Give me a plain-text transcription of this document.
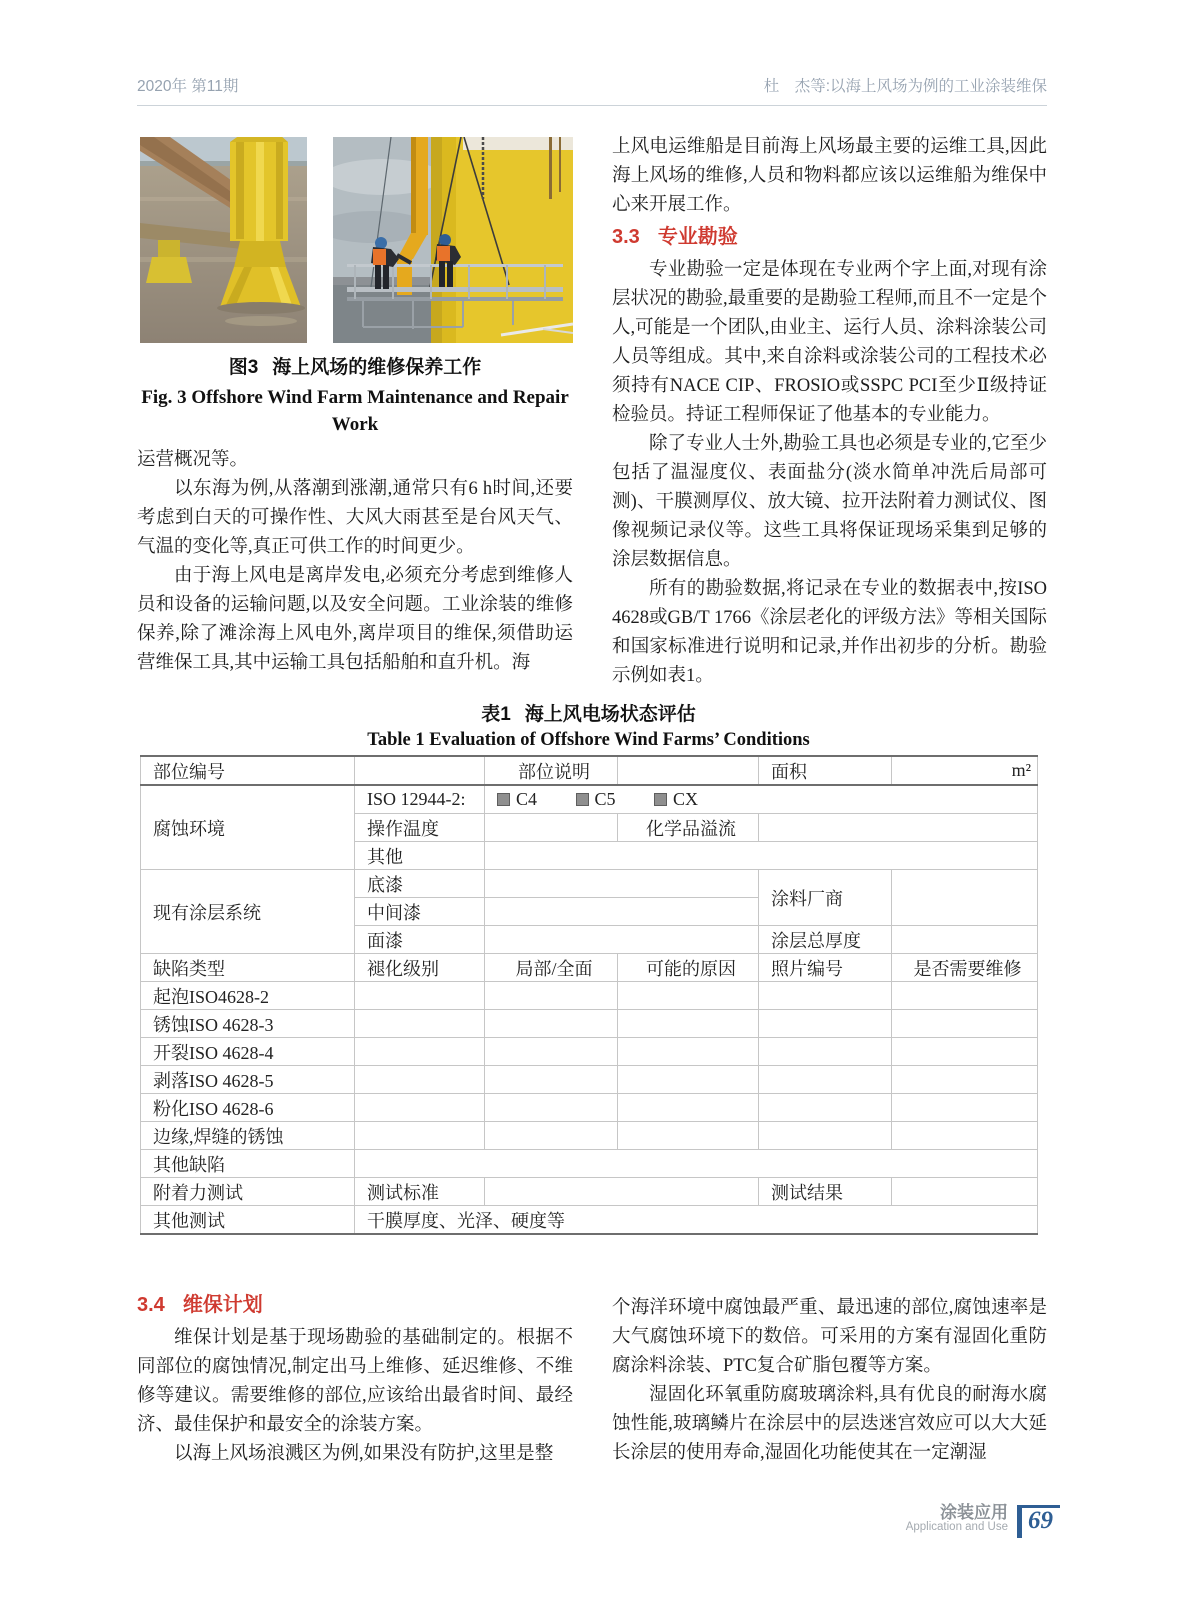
2020年 第11期	杜　杰等:以海上风场为例的工业涂装维保
图3 海上风场的维修保养工作
Fig. 3 Offshore Wind Farm Maintenance and Repair Work

运营概况等。

以东海为例,从落潮到涨潮,通常只有6 h时间,还要考虑到白天的可操作性、大风大雨甚至是台风天气、气温的变化等,真正可供工作的时间更少。

由于海上风电是离岸发电,必须充分考虑到维修人员和设备的运输问题,以及安全问题。工业涂装的维修保养,除了滩涂海上风电外,离岸项目的维保,须借助运营维保工具,其中运输工具包括船舶和直升机。海

上风电运维船是目前海上风场最主要的运维工具,因此海上风场的维修,人员和物料都应该以运维船为维保中心来开展工作。

3.3 专业勘验

专业勘验一定是体现在专业两个字上面,对现有涂层状况的勘验,最重要的是勘验工程师,而且不一定是个人,可能是一个团队,由业主、运行人员、涂料涂装公司人员等组成。其中,来自涂料或涂装公司的工程技术必须持有NACE CIP、FROSIO或SSPC PCI至少Ⅱ级持证检验员。持证工程师保证了他基本的专业能力。

除了专业人士外,勘验工具也必须是专业的,它至少包括了温湿度仪、表面盐分(淡水简单冲洗后局部可测)、干膜测厚仪、放大镜、拉开法附着力测试仪、图像视频记录仪等。这些工具将保证现场采集到足够的涂层数据信息。

所有的勘验数据,将记录在专业的数据表中,按ISO 4628或GB/T 1766《涂层老化的评级方法》等相关国际和国家标准进行说明和记录,并作出初步的分析。勘验示例如表1。

表1 海上风电场状态评估
Table 1 Evaluation of Offshore Wind Farms’ Conditions
部位编号		部位说明		面积	m²
腐蚀环境	ISO 12944-2:	C4 C5 CX			
	操作温度		化学品溢流		
	其他				
现有涂层系统	底漆			涂料厂商	
	中间漆				
	面漆			涂层总厚度	
缺陷类型	褪化级别	局部/全面	可能的原因	照片编号	是否需要维修
起泡ISO4628-2					
锈蚀ISO 4628-3					
开裂ISO 4628-4					
剥落ISO 4628-5					
粉化ISO 4628-6					
边缘,焊缝的锈蚀					
其他缺陷					
附着力测试	测试标准			测试结果	
其他测试	干膜厚度、光泽、硬度等				
3.4 维保计划

维保计划是基于现场勘验的基础制定的。根据不同部位的腐蚀情况,制定出马上维修、延迟维修、不维修等建议。需要维修的部位,应该给出最省时间、最经济、最佳保护和最安全的涂装方案。

以海上风场浪溅区为例,如果没有防护,这里是整

个海洋环境中腐蚀最严重、最迅速的部位,腐蚀速率是大气腐蚀环境下的数倍。可采用的方案有湿固化重防腐涂料涂装、PTC复合矿脂包覆等方案。

湿固化环氧重防腐玻璃涂料,具有优良的耐海水腐蚀性能,玻璃鳞片在涂层中的层迭迷宫效应可以大大延长涂层的使用寿命,湿固化功能使其在一定潮湿

涂装应用
Application and Use 69
